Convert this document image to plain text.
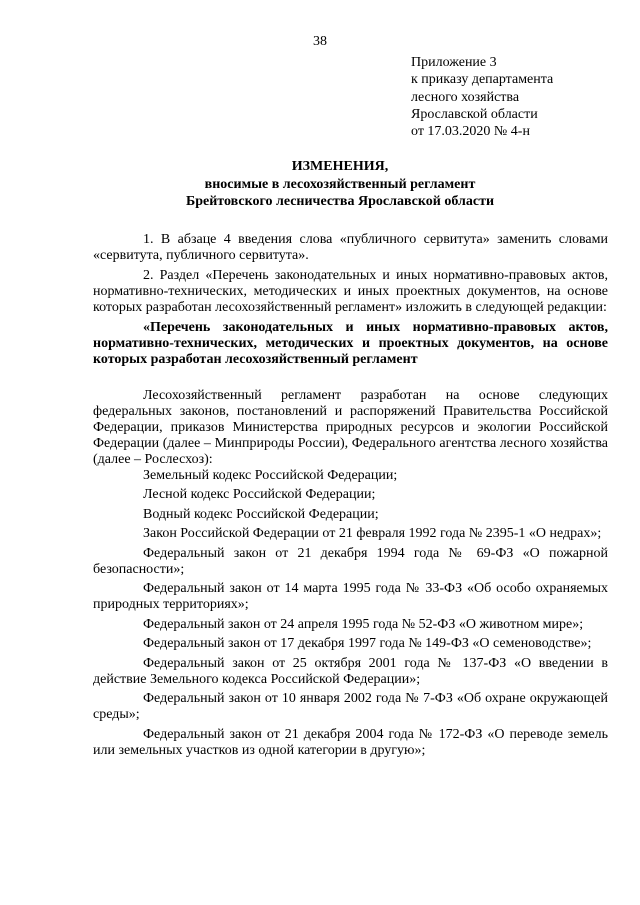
38
Приложение 3
к приказу департамента
лесного хозяйства
Ярославской области
от 17.03.2020 № 4-н
ИЗМЕНЕНИЯ,
вносимые в лесохозяйственный регламент
Брейтовского лесничества Ярославской области

1. В абзаце 4 введения слова «публичного сервитута» заменить словами «сервитута, публичного сервитута».

2. Раздел «Перечень законодательных и иных нормативно-правовых актов, нормативно-технических, методических и иных проектных документов, на основе которых разработан лесохозяйственный регламент» изложить в следующей редакции:

«Перечень законодательных и иных нормативно-правовых актов, нормативно-технических, методических и проектных документов, на основе которых разработан лесохозяйственный регламент

Лесохозяйственный регламент разработан на основе следующих федеральных законов, постановлений и распоряжений Правительства Российской Федерации, приказов Министерства природных ресурсов и экологии Российской Федерации (далее – Минприроды России), Федерального агентства лесного хозяйства (далее – Рослесхоз):

Земельный кодекс Российской Федерации;

Лесной кодекс Российской Федерации;

Водный кодекс Российской Федерации;

Закон Российской Федерации от 21 февраля 1992 года № 2395-1 «О недрах»;

Федеральный закон от 21 декабря 1994 года № 69-ФЗ «О пожарной безопасности»;

Федеральный закон от 14 марта 1995 года № 33-ФЗ «Об особо охраняемых природных территориях»;

Федеральный закон от 24 апреля 1995 года № 52-ФЗ «О животном мире»;

Федеральный закон от 17 декабря 1997 года № 149-ФЗ «О семеноводстве»;

Федеральный закон от 25 октября 2001 года № 137-ФЗ «О введении в действие Земельного кодекса Российской Федерации»;

Федеральный закон от 10 января 2002 года № 7-ФЗ «Об охране окружающей среды»;

Федеральный закон от 21 декабря 2004 года № 172-ФЗ «О переводе земель или земельных участков из одной категории в другую»;
